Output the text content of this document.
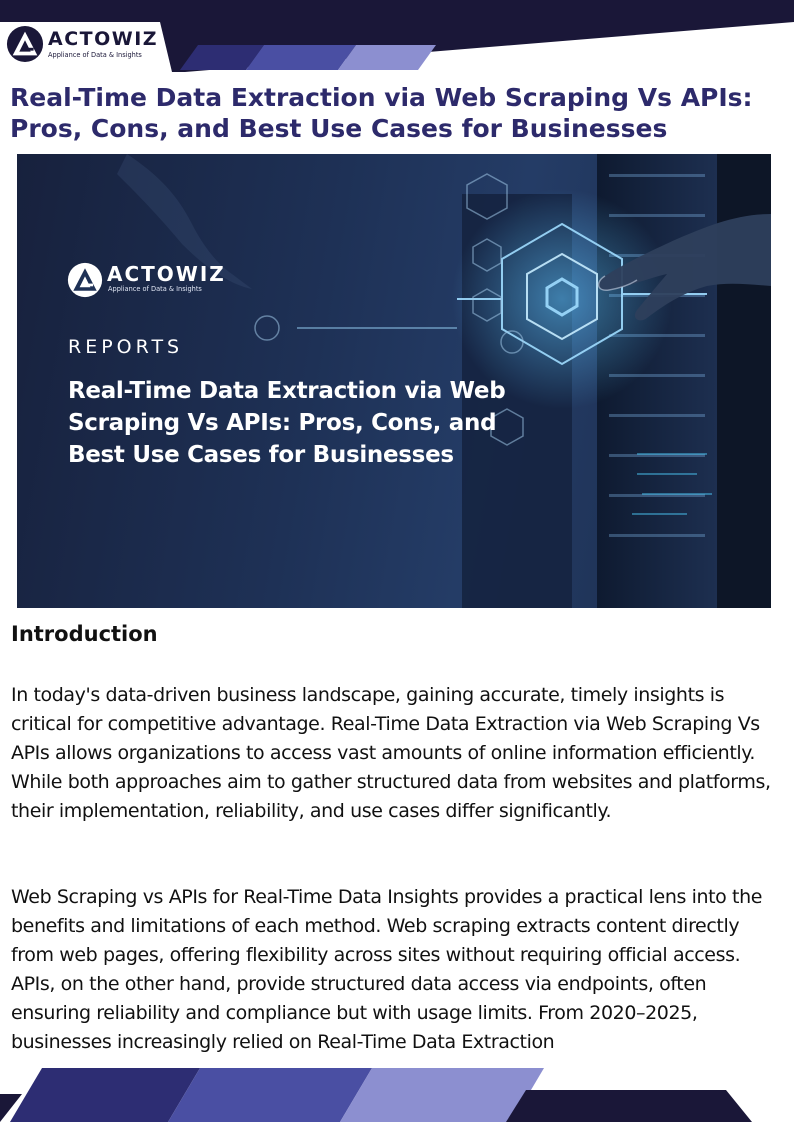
ACTOWIZ
Appliance of Data & Insights
Real-Time Data Extraction via Web Scraping Vs APIs: Pros, Cons, and Best Use Cases for Businesses
ACTOWIZ
Appliance of Data & Insights
REPORTS
Real-Time Data Extraction via Web Scraping Vs APIs: Pros, Cons, and Best Use Cases for Businesses
Introduction

In today's data-driven business landscape, gaining accurate, timely insights is critical for competitive advantage. Real-Time Data Extraction via Web Scraping Vs APIs allows organizations to access vast amounts of online information efficiently. While both approaches aim to gather structured data from websites and platforms, their implementation, reliability, and use cases differ significantly.

Web Scraping vs APIs for Real-Time Data Insights provides a practical lens into the benefits and limitations of each method. Web scraping extracts content directly from web pages, offering flexibility across sites without requiring official access. APIs, on the other hand, provide structured data access via endpoints, often ensuring reliability and compliance but with usage limits. From 2020–2025, businesses increasingly relied on Real-Time Data Extraction
